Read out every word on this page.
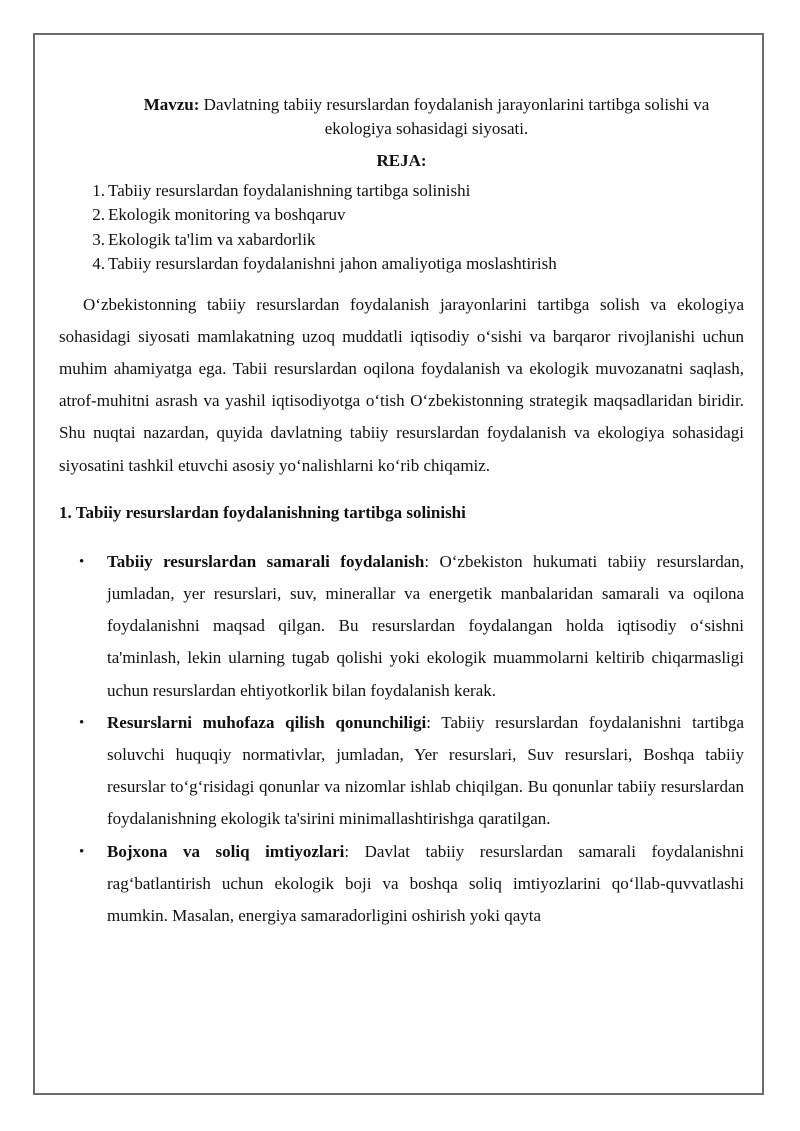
Mavzu: Davlatning tabiiy resurslardan foydalanish jarayonlarini tartibga solishi va ekologiya sohasidagi siyosati.
REJA:
1. Tabiiy resurslardan foydalanishning tartibga solinishi
2. Ekologik monitoring va boshqaruv
3. Ekologik ta'lim va xabardorlik
4. Tabiiy resurslardan foydalanishni jahon amaliyotiga moslashtirish

O‘zbekistonning tabiiy resurslardan foydalanish jarayonlarini tartibga solish va ekologiya sohasidagi siyosati mamlakatning uzoq muddatli iqtisodiy o‘sishi va barqaror rivojlanishi uchun muhim ahamiyatga ega. Tabii resurslardan oqilona foydalanish va ekologik muvozanatni saqlash, atrof-muhitni asrash va yashil iqtisodiyotga o‘tish O‘zbekistonning strategik maqsadlaridan biridir. Shu nuqtai nazardan, quyida davlatning tabiiy resurslardan foydalanish va ekologiya sohasidagi siyosatini tashkil etuvchi asosiy yo‘nalishlarni ko‘rib chiqamiz.

1. Tabiiy resurslardan foydalanishning tartibga solinishi
• Tabiiy resurslardan samarali foydalanish: O‘zbekiston hukumati tabiiy resurslardan, jumladan, yer resurslari, suv, minerallar va energetik manbalaridan samarali va oqilona foydalanishni maqsad qilgan. Bu resurslardan foydalangan holda iqtisodiy o‘sishni ta'minlash, lekin ularning tugab qolishi yoki ekologik muammolarni keltirib chiqarmasligi uchun resurslardan ehtiyotkorlik bilan foydalanish kerak.
• Resurslarni muhofaza qilish qonunchiligi: Tabiiy resurslardan foydalanishni tartibga soluvchi huquqiy normativlar, jumladan, Yer resurslari, Suv resurslari, Boshqa tabiiy resurslar to‘g‘risidagi qonunlar va nizomlar ishlab chiqilgan. Bu qonunlar tabiiy resurslardan foydalanishning ekologik ta'sirini minimallashtirishga qaratilgan.
• Bojxona va soliq imtiyozlari: Davlat tabiiy resurslardan samarali foydalanishni rag‘batlantirish uchun ekologik boji va boshqa soliq imtiyozlarini qo‘llab-quvvatlashi mumkin. Masalan, energiya samaradorligini oshirish yoki qayta
